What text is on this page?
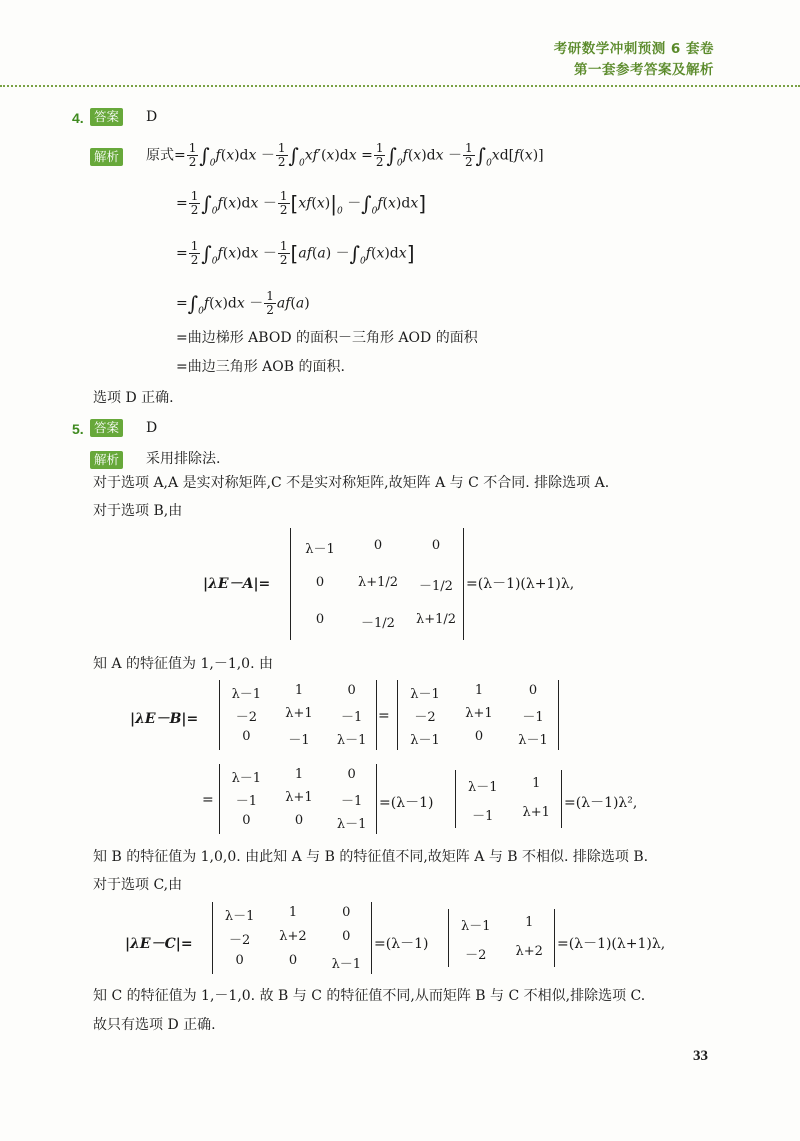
考研数学冲刺预测 6 套卷
第一套参考答案及解析
4. 答案 D
解析 原式= $\frac{1}{2} \int_0f(x)dx - \frac{1}{2} \int_0xf'(x)dx = \frac{1}{2} \int_0f(x)dx - \frac{1}{2} \int_0xd[f(x)]$
= $\frac{1}{2} \int_0f(x)dx - \frac{1}{2} [xf(x)|_0 -\int_0f(x)dx]$
= $\frac{1}{2} \int_0f(x)dx - \frac{1}{2} [af(a) -\int_0f(x)dx]$
$=\int_0f(x)dx - \frac{1}{2} af(a)$
=曲边梯形 ABOD 的面积－三角形 AOD 的面积
=曲边三角形 AOB 的面积.
选项 D 正确.
5. 答案 D
解析 采用排除法.
对于选项 A,A 是实对称矩阵,C 不是实对称矩阵,故矩阵 A 与 C 不合同. 排除选项 A.
对于选项 B,由
|λE－A|=
λ－1	0	0
0	λ+1/2	－1/2
0	－1/2	λ+1/2
=(λ－1)(λ+1)λ,
知 A 的特征值为 1,－1,0. 由
|λE－B|=
λ－1	1	0
－2	λ+1	－1
0	－1	λ－1
=
λ－1	1	0
－2	λ+1	－1
λ－1	0	λ－1
=
λ－1	1	0
－1	λ+1	－1
0	0	λ－1
=(λ－1)
λ－1	1
－1	λ+1
=(λ－1)λ²,
知 B 的特征值为 1,0,0. 由此知 A 与 B 的特征值不同,故矩阵 A 与 B 不相似. 排除选项 B.
对于选项 C,由
|λE－C|=
λ－1	1	0
－2	λ+2	0
0	0	λ－1
=(λ－1)
λ－1	1
－2	λ+2	=(λ－1)(λ+1)λ,
知 C 的特征值为 1,－1,0. 故 B 与 C 的特征值不同,从而矩阵 B 与 C 不相似,排除选项 C.
故只有选项 D 正确.
33
